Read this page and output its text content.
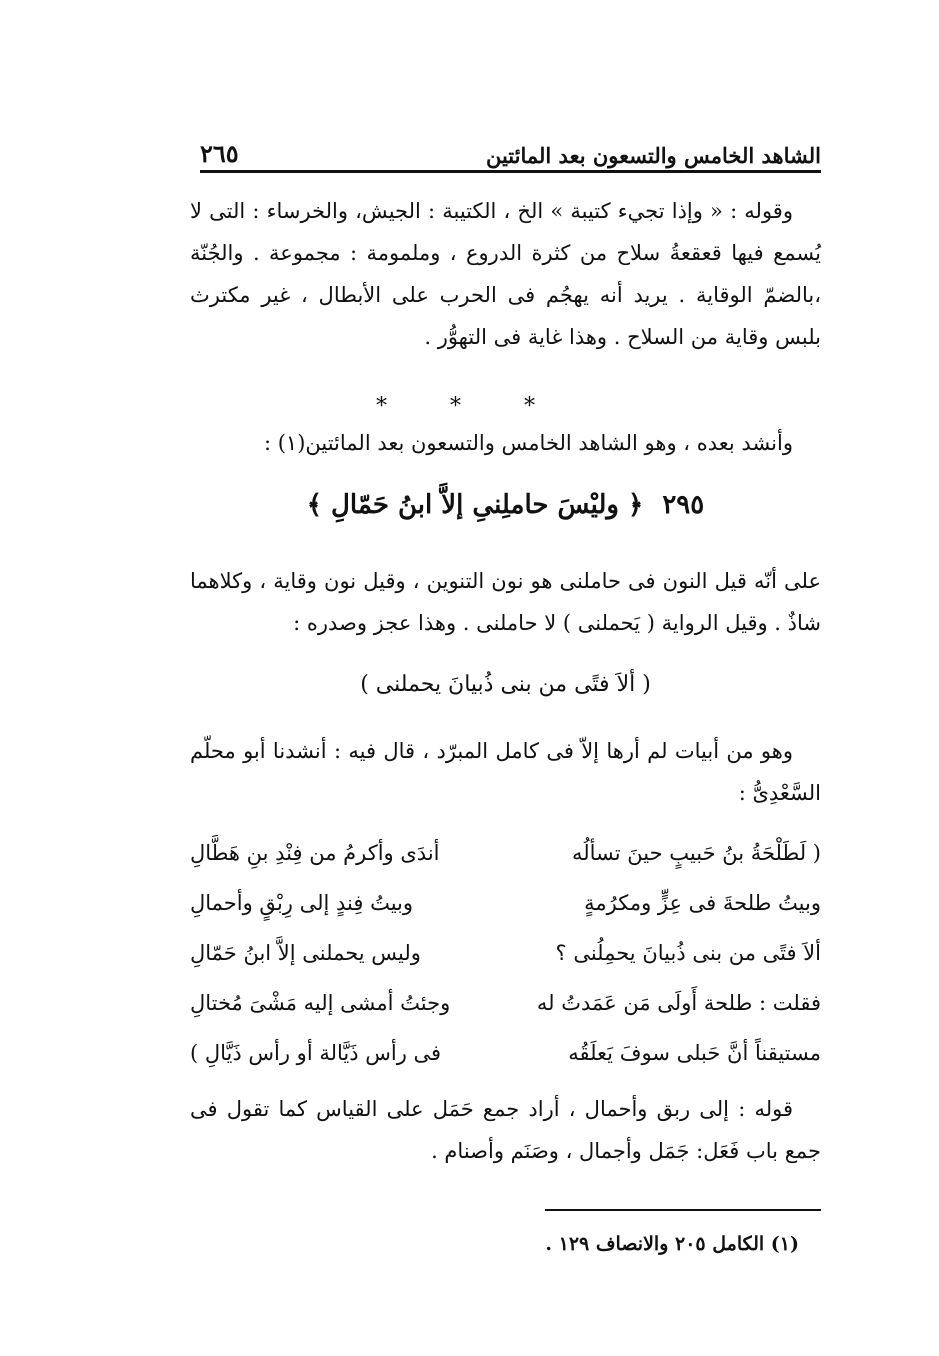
الشاهد الخامس والتسعون بعد المائتين
٢٦٥

وقوله : « وإذا تجيء كتيبة » الخ ، الكتيبة : الجيش، والخرساء : التى لا يُسمع فيها قعقعةُ سلاح من كثرة الدروع ، وملمومة : مجموعة . والجُنّة ،بالضمّ الوقاية . يريد أنه يهجُم فى الحرب على الأبطال ، غير مكترث بلبس وقاية من السلاح . وهذا غاية فى التهوُّر .

* * *

وأنشد بعده ، وهو الشاهد الخامس والتسعون بعد المائتين(١) :

٢٩٥ ﴿ وليْسَ حاملِنىِ إلاَّ ابنُ حَمّالِ ﴾

على أنّه قيل النون فى حاملنى هو نون التنوين ، وقيل نون وقاية ، وكلاهما شاذٌ . وقيل الرواية ( يَحملنى ) لا حاملنى . وهذا عجز وصدره :

( ألاَ فتًى من بنى ذُبيانَ يحملنى )

وهو من أبيات لم أرها إلاّ فى كامل المبرّد ، قال فيه : أنشدنا أبو محلّم السَّعْدِىُّ :

( لَطَلْحَةُ بنُ حَبيبٍ حينَ تسألُه
أندَى وأكرمُ من فِنْدِ بنِ هَطَّالِ
وبيتُ طلحةَ فى عِزٍّ ومكرُمةٍ
وبيتُ فِندٍ إلى رِبْقٍ وأحمالِ
ألاَ فتًى من بنى ذُبيانَ يحمِلُنى ؟
وليس يحملنى إلاَّ ابنُ حَمّالِ
فقلت : طلحة أَولَى مَن عَمَدتُ له
وجئتُ أمشى إليه مَشْىَ مُختالِ
مستيقناً أنَّ حَبلى سوفَ يَعلَقُه
فى رأس ذَيَّالة أو رأس ذَيَّالِ )

قوله : إلى ربق وأحمال ، أراد جمع حَمَل على القياس كما تقول فى جمع باب فَعَل: جَمَل وأجمال ، وصَنَم وأصنام .

(١) الكامل ٢٠٥ والانصاف ١٢٩ .
